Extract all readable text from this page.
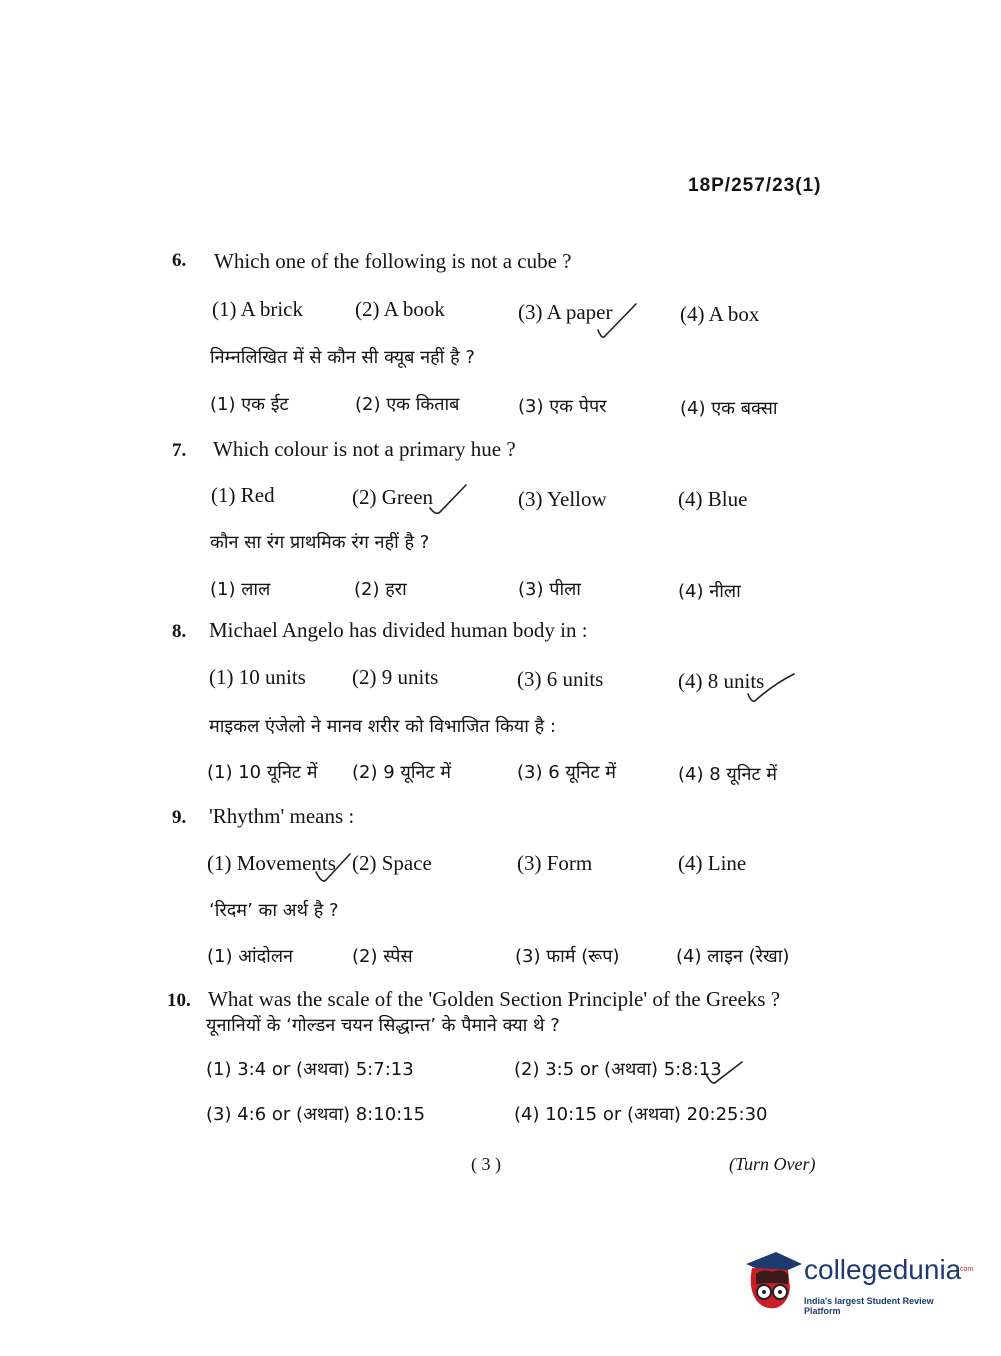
18P/257/23(1)
6. Which one of the following is not a cube ?
(1) A brick (2) A book	(3) A paper	(4) A box
निम्नलिखित में से कौन सी क्यूब नहीं है ?
(1) एक ईट	(2) एक किताब	(3) एक पेपर	(4) एक बक्सा
7. Which colour is not a primary hue ?
(1) Red	(2) Green	(3) Yellow	(4) Blue
कौन सा रंग प्राथमिक रंग नहीं है ?
(1) लाल	(2) हरा	(3) पीला	(4) नीला
8. Michael Angelo has divided human body in :
(1) 10 units (2) 9 units	(3) 6 units	(4) 8 units
माइकल एंजेलो ने मानव शरीर को विभाजित किया है :
(1) 10 यूनिट में (2) 9 यूनिट में	(3) 6 यूनिट में	(4) 8 यूनिट में
9. 'Rhythm' means :
(1) Movements (2) Space	(3) Form	(4) Line
‘रिदम’ का अर्थ है ?
(1) आंदोलन	(2) स्पेस	(3) फार्म (रूप)	(4) लाइन (रेखा)
10. What was the scale of the 'Golden Section Principle' of the Greeks ?
यूनानियों के ‘गोल्डन चयन सिद्धान्त’ के पैमाने क्या थे ?
(1) 3:4 or (अथवा) 5:7:13	(2) 3:5 or (अथवा) 5:8:13
(3) 4:6 or (अथवा) 8:10:15	(4) 10:15 or (अथवा) 20:25:30
( 3 )	(Turn Over)
collegedunia
.com
India's largest Student Review Platform
